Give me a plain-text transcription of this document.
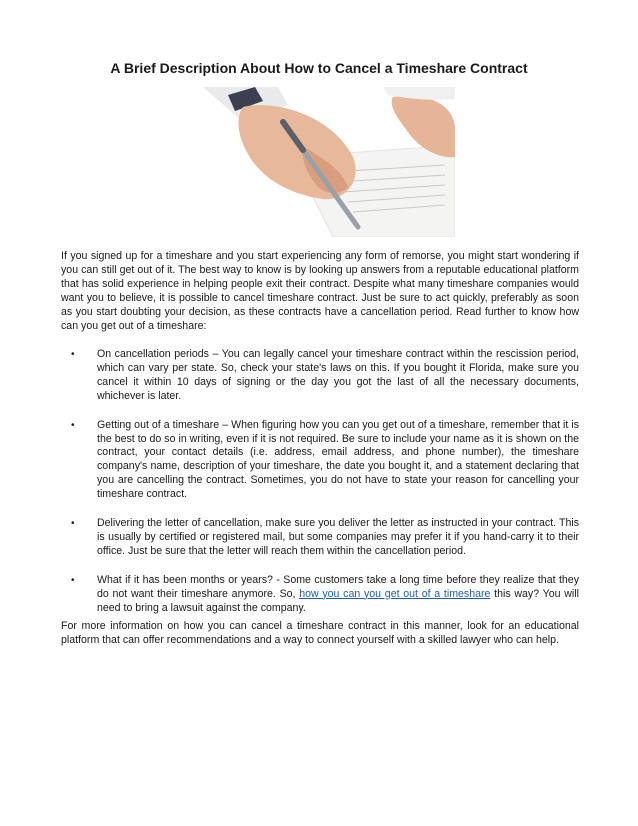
A Brief Description About How to Cancel a Timeshare Contract

If you signed up for a timeshare and you start experiencing any form of remorse, you might start wondering if you can still get out of it. The best way to know is by looking up answers from a reputable educational platform that has solid experience in helping people exit their contract. Despite what many timeshare companies would want you to believe, it is possible to cancel timeshare contract. Just be sure to act quickly, preferably as soon as you start doubting your decision, as these contracts have a cancellation period. Read further to know how can you get out of a timeshare:

• On cancellation periods – You can legally cancel your timeshare contract within the rescission period, which can vary per state. So, check your state's laws on this. If you bought it Florida, make sure you cancel it within 10 days of signing or the day you got the last of all the necessary documents, whichever is later.
• Getting out of a timeshare – When figuring how you can you get out of a timeshare, remember that it is the best to do so in writing, even if it is not required. Be sure to include your name as it is shown on the contract, your contact details (i.e. address, email address, and phone number), the timeshare company's name, description of your timeshare, the date you bought it, and a statement declaring that you are cancelling the contract. Sometimes, you do not have to state your reason for cancelling your timeshare contract.
• Delivering the letter of cancellation, make sure you deliver the letter as instructed in your contract. This is usually by certified or registered mail, but some companies may prefer it if you hand-carry it to their office. Just be sure that the letter will reach them within the cancellation period.
• What if it has been months or years? - Some customers take a long time before they realize that they do not want their timeshare anymore. So, how you can you get out of a timeshare this way? You will need to bring a lawsuit against the company.

For more information on how you can cancel a timeshare contract in this manner, look for an educational platform that can offer recommendations and a way to connect yourself with a skilled lawyer who can help.
